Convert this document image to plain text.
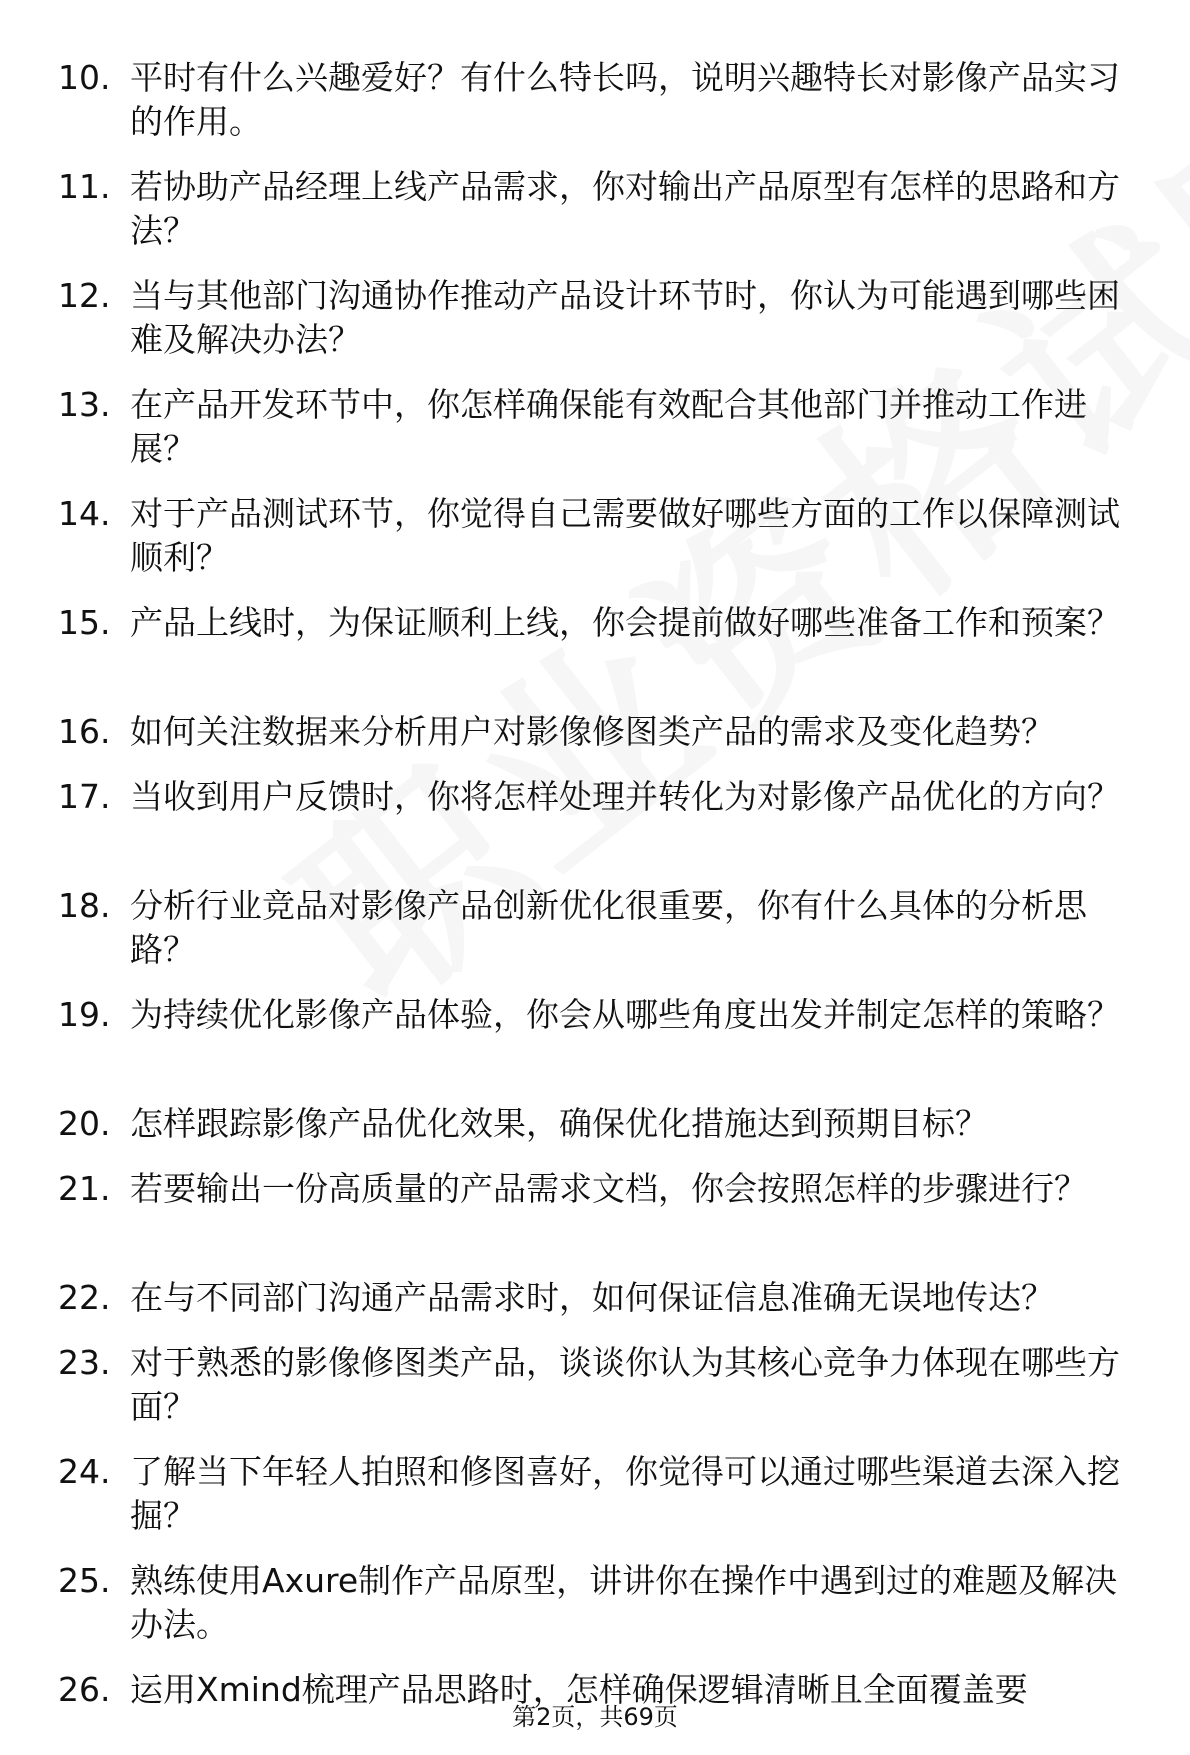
10. 平时有什么兴趣爱好？有什么特长吗，说明兴趣特长对影像产品实习的作用。
11. 若协助产品经理上线产品需求，你对输出产品原型有怎样的思路和方法？
12. 当与其他部门沟通协作推动产品设计环节时，你认为可能遇到哪些困难及解决办法？
13. 在产品开发环节中，你怎样确保能有效配合其他部门并推动工作进展？
14. 对于产品测试环节，你觉得自己需要做好哪些方面的工作以保障测试顺利？
15. 产品上线时，为保证顺利上线，你会提前做好哪些准备工作和预案？
16. 如何关注数据来分析用户对影像修图类产品的需求及变化趋势？
17. 当收到用户反馈时，你将怎样处理并转化为对影像产品优化的方向？
18. 分析行业竞品对影像产品创新优化很重要，你有什么具体的分析思路？
19. 为持续优化影像产品体验，你会从哪些角度出发并制定怎样的策略？
20. 怎样跟踪影像产品优化效果，确保优化措施达到预期目标？
21. 若要输出一份高质量的产品需求文档，你会按照怎样的步骤进行？
22. 在与不同部门沟通产品需求时，如何保证信息准确无误地传达？
23. 对于熟悉的影像修图类产品，谈谈你认为其核心竞争力体现在哪些方面？
24. 了解当下年轻人拍照和修图喜好，你觉得可以通过哪些渠道去深入挖掘？
25. 熟练使用Axure制作产品原型，讲讲你在操作中遇到过的难题及解决办法。
26. 运用Xmind梳理产品思路时，怎样确保逻辑清晰且全面覆盖要
第2页，共69页
